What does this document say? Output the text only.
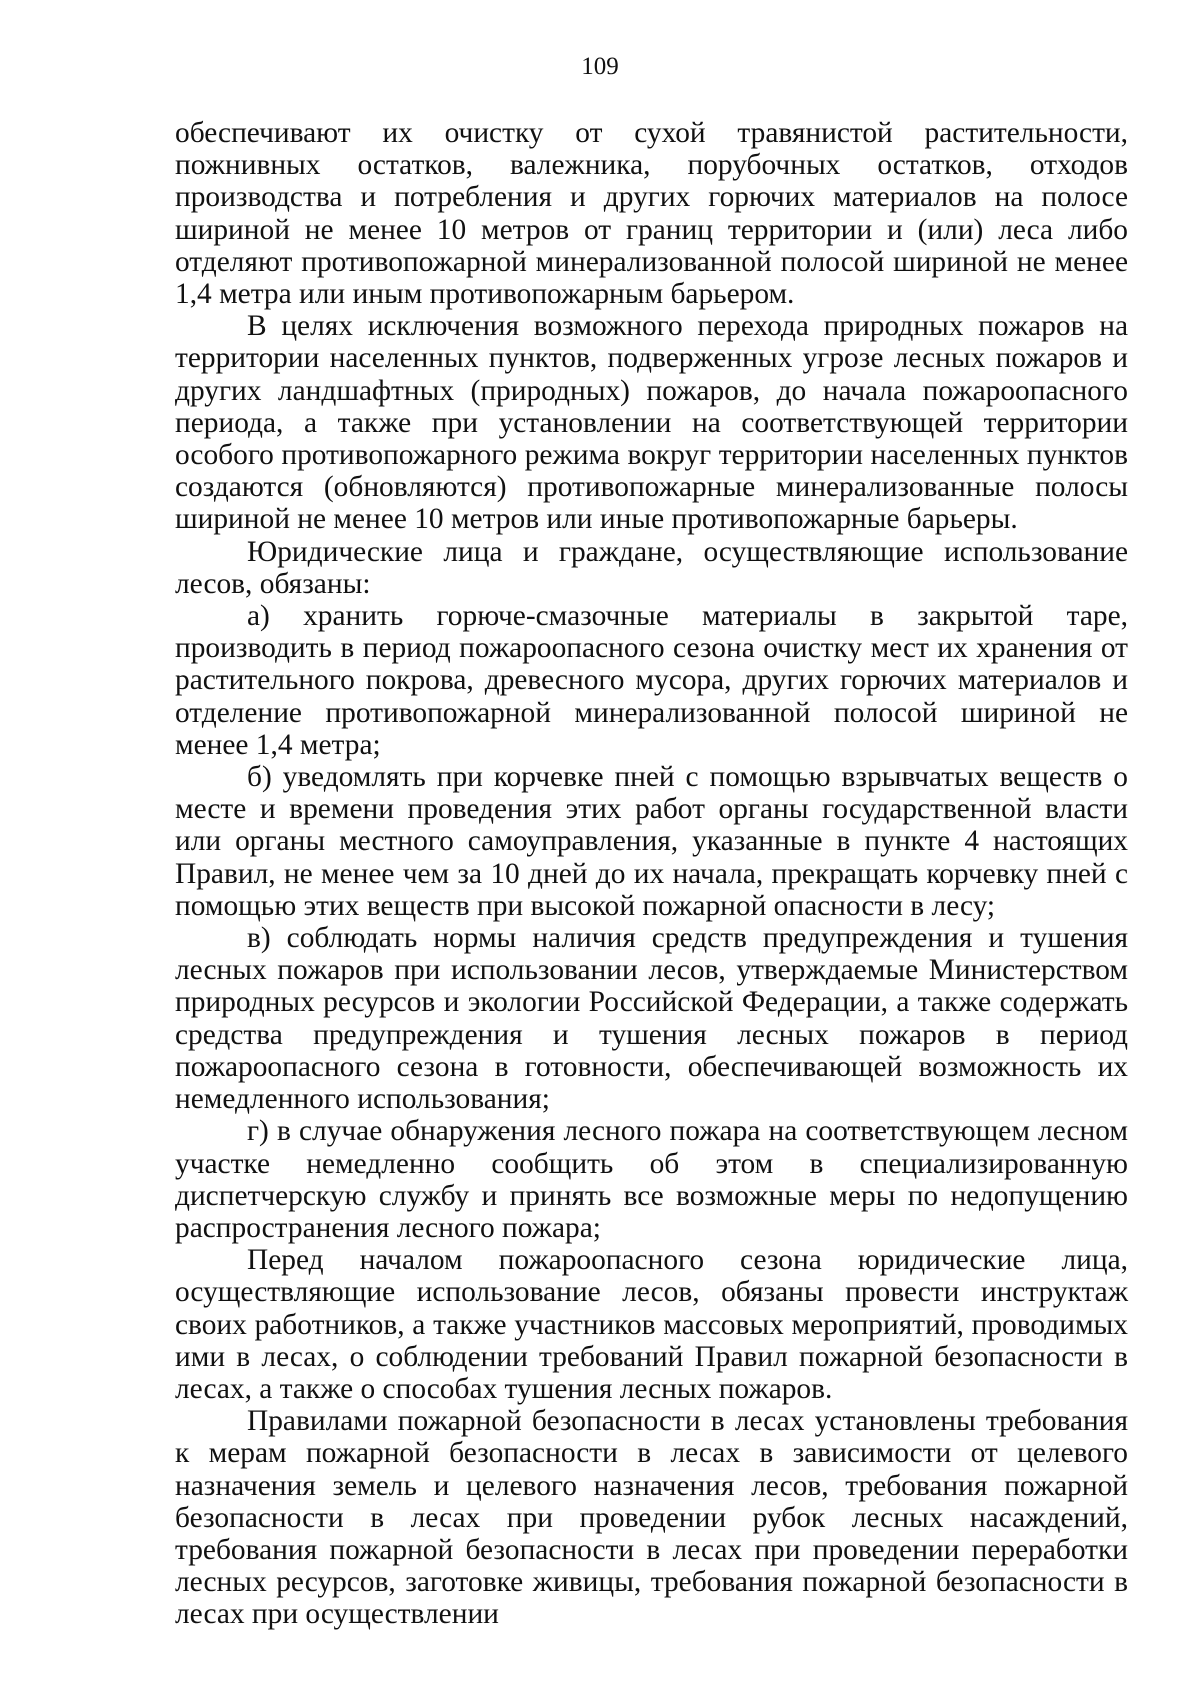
109

обеспечивают их очистку от сухой травянистой растительности, пожнивных остатков, валежника, порубочных остатков, отходов производства и потребления и других горючих материалов на полосе шириной не менее 10 метров от границ территории и (или) леса либо отделяют противопожарной минерализованной полосой шириной не менее 1,4 метра или иным противопожарным барьером.

В целях исключения возможного перехода природных пожаров на территории населенных пунктов, подверженных угрозе лесных пожаров и других ландшафтных (природных) пожаров, до начала пожароопасного периода, а также при установлении на соответствующей территории особого противопожарного режима вокруг территории населенных пунктов создаются (обновляются) противопожарные минерализованные полосы шириной не менее 10 метров или иные противопожарные барьеры.

Юридические лица и граждане, осуществляющие использование лесов, обязаны:

а) хранить горюче-смазочные материалы в закрытой таре, производить в период пожароопасного сезона очистку мест их хранения от растительного покрова, древесного мусора, других горючих материалов и отделение противопожарной минерализованной полосой шириной не менее 1,4 метра;

б) уведомлять при корчевке пней с помощью взрывчатых веществ о месте и времени проведения этих работ органы государственной власти или органы местного самоуправления, указанные в пункте 4 настоящих Правил, не менее чем за 10 дней до их начала, прекращать корчевку пней с помощью этих веществ при высокой пожарной опасности в лесу;

в) соблюдать нормы наличия средств предупреждения и тушения лесных пожаров при использовании лесов, утверждаемые Министерством природных ресурсов и экологии Российской Федерации, а также содержать средства предупреждения и тушения лесных пожаров в период пожароопасного сезона в готовности, обеспечивающей возможность их немедленного использования;

г) в случае обнаружения лесного пожара на соответствующем лесном участке немедленно сообщить об этом в специализированную диспетчерскую службу и принять все возможные меры по недопущению распространения лесного пожара;

Перед началом пожароопасного сезона юридические лица, осуществляющие использование лесов, обязаны провести инструктаж своих работников, а также участников массовых мероприятий, проводимых ими в лесах, о соблюдении требований Правил пожарной безопасности в лесах, а также о способах тушения лесных пожаров.

Правилами пожарной безопасности в лесах установлены требования к мерам пожарной безопасности в лесах в зависимости от целевого назначения земель и целевого назначения лесов, требования пожарной безопасности в лесах при проведении рубок лесных насаждений, требования пожарной безопасности в лесах при проведении переработки лесных ресурсов, заготовке живицы, требования пожарной безопасности в лесах при осуществлении
